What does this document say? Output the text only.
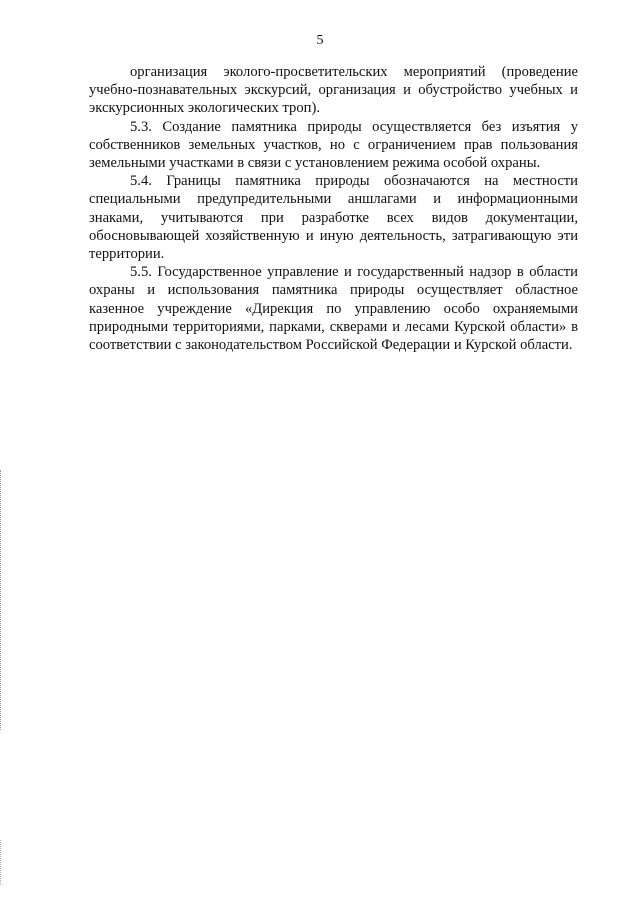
5

организация эколого-просветительских мероприятий (проведение учебно-познавательных экскурсий, организация и обустройство учебных и экскурсионных экологических троп).

5.3. Создание памятника природы осуществляется без изъятия у собственников земельных участков, но с ограничением прав пользования земельными участками в связи с установлением режима особой охраны.

5.4. Границы памятника природы обозначаются на местности специальными предупредительными аншлагами и информационными знаками, учитываются при разработке всех видов документации, обосновывающей хозяйственную и иную деятельность, затрагивающую эти территории.

5.5. Государственное управление и государственный надзор в области охраны и использования памятника природы осуществляет областное казенное учреждение «Дирекция по управлению особо охраняемыми природными территориями, парками, скверами и лесами Курской области» в соответствии с законодательством Российской Федерации и Курской области.
